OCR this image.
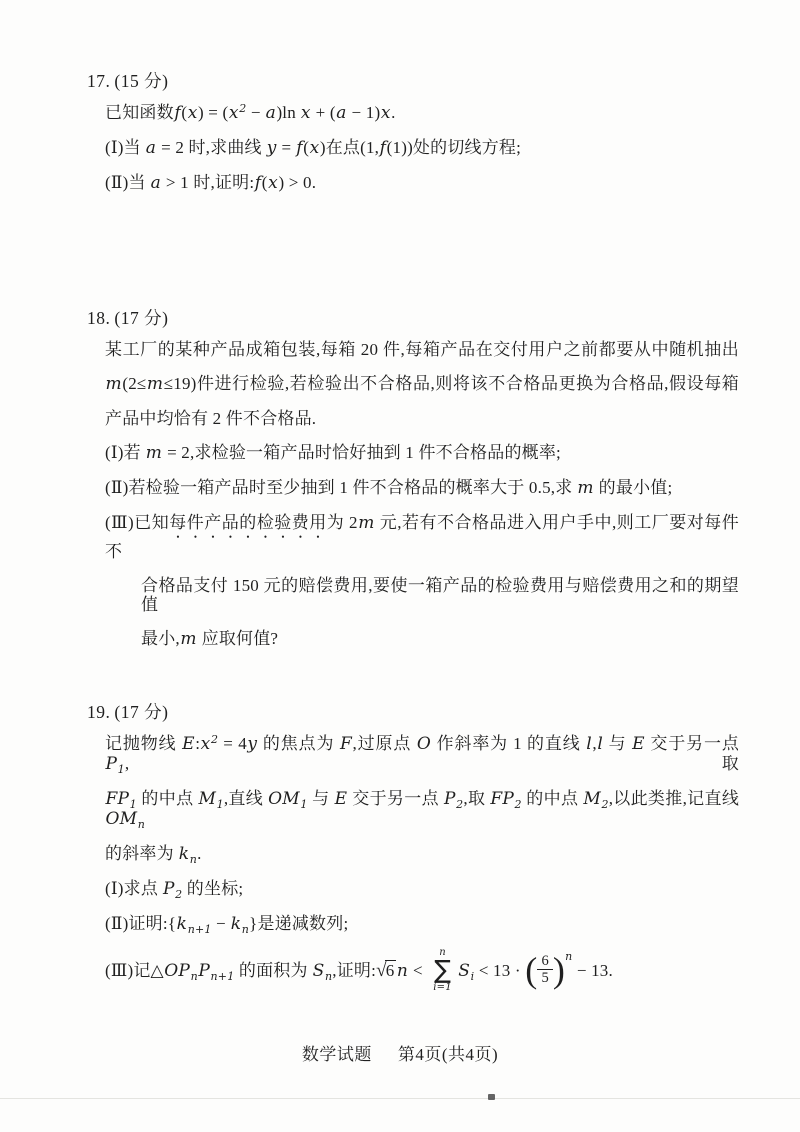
17. (15 分)
已知函数$f(x) = (x^2 - a)\ln$ x + (a − 1)x.
(Ⅰ)当 a = 2 时,求曲线 y = f(x)在点(1,f(1))处的切线方程;
(Ⅱ)当 a > 1 时,证明:f(x) > 0.
18. (17 分)
某工厂的某种产品成箱包装,每箱 20 件,每箱产品在交付用户之前都要从中随机抽出
m(2≤m≤19)件进行检验,若检验出不合格品,则将该不合格品更换为合格品,假设每箱
产品中均恰有 2 件不合格品.
(Ⅰ)若 m = 2,求检验一箱产品时恰好抽到 1 件不合格品的概率;
(Ⅱ)若检验一箱产品时至少抽到 1 件不合格品的概率大于 0.5,求 m 的最小值;
(Ⅲ)已知每件产品的检验费用为 2m 元,若有不合格品进入用户手中,则工厂要对每件不
合格品支付 150 元的赔偿费用,要使一箱产品的检验费用与赔偿费用之和的期望值
最小,m 应取何值?
19. (17 分)
记抛物线 $E:x^2 = 4y$ 的焦点为 F,过原点 O 作斜率为 1 的直线 l,l 与 E 交于另一点 $P_1$,取
$FP_1$ 的中点 $M_1$,直线 $OM_1$ 与 E 交于另一点 $P_2$,取 $FP_2$ 的中点 $M_2$,以此类推,记直线 $OM_n$
的斜率为 $k_n$.
(Ⅰ)求点 $P_2$ 的坐标;
(Ⅱ)证明$:\{k_{n+1} - k_n\}$是递减数列;
(Ⅲ)记$\triangle OP_nP_{n+1}$ 的面积为 $S_n$,证明:√6 n <
n
∑
i=1
$S_i < 13$ · ( $\frac{6}{5} )^n - 13$.
数学试题 第4页(共4页)
